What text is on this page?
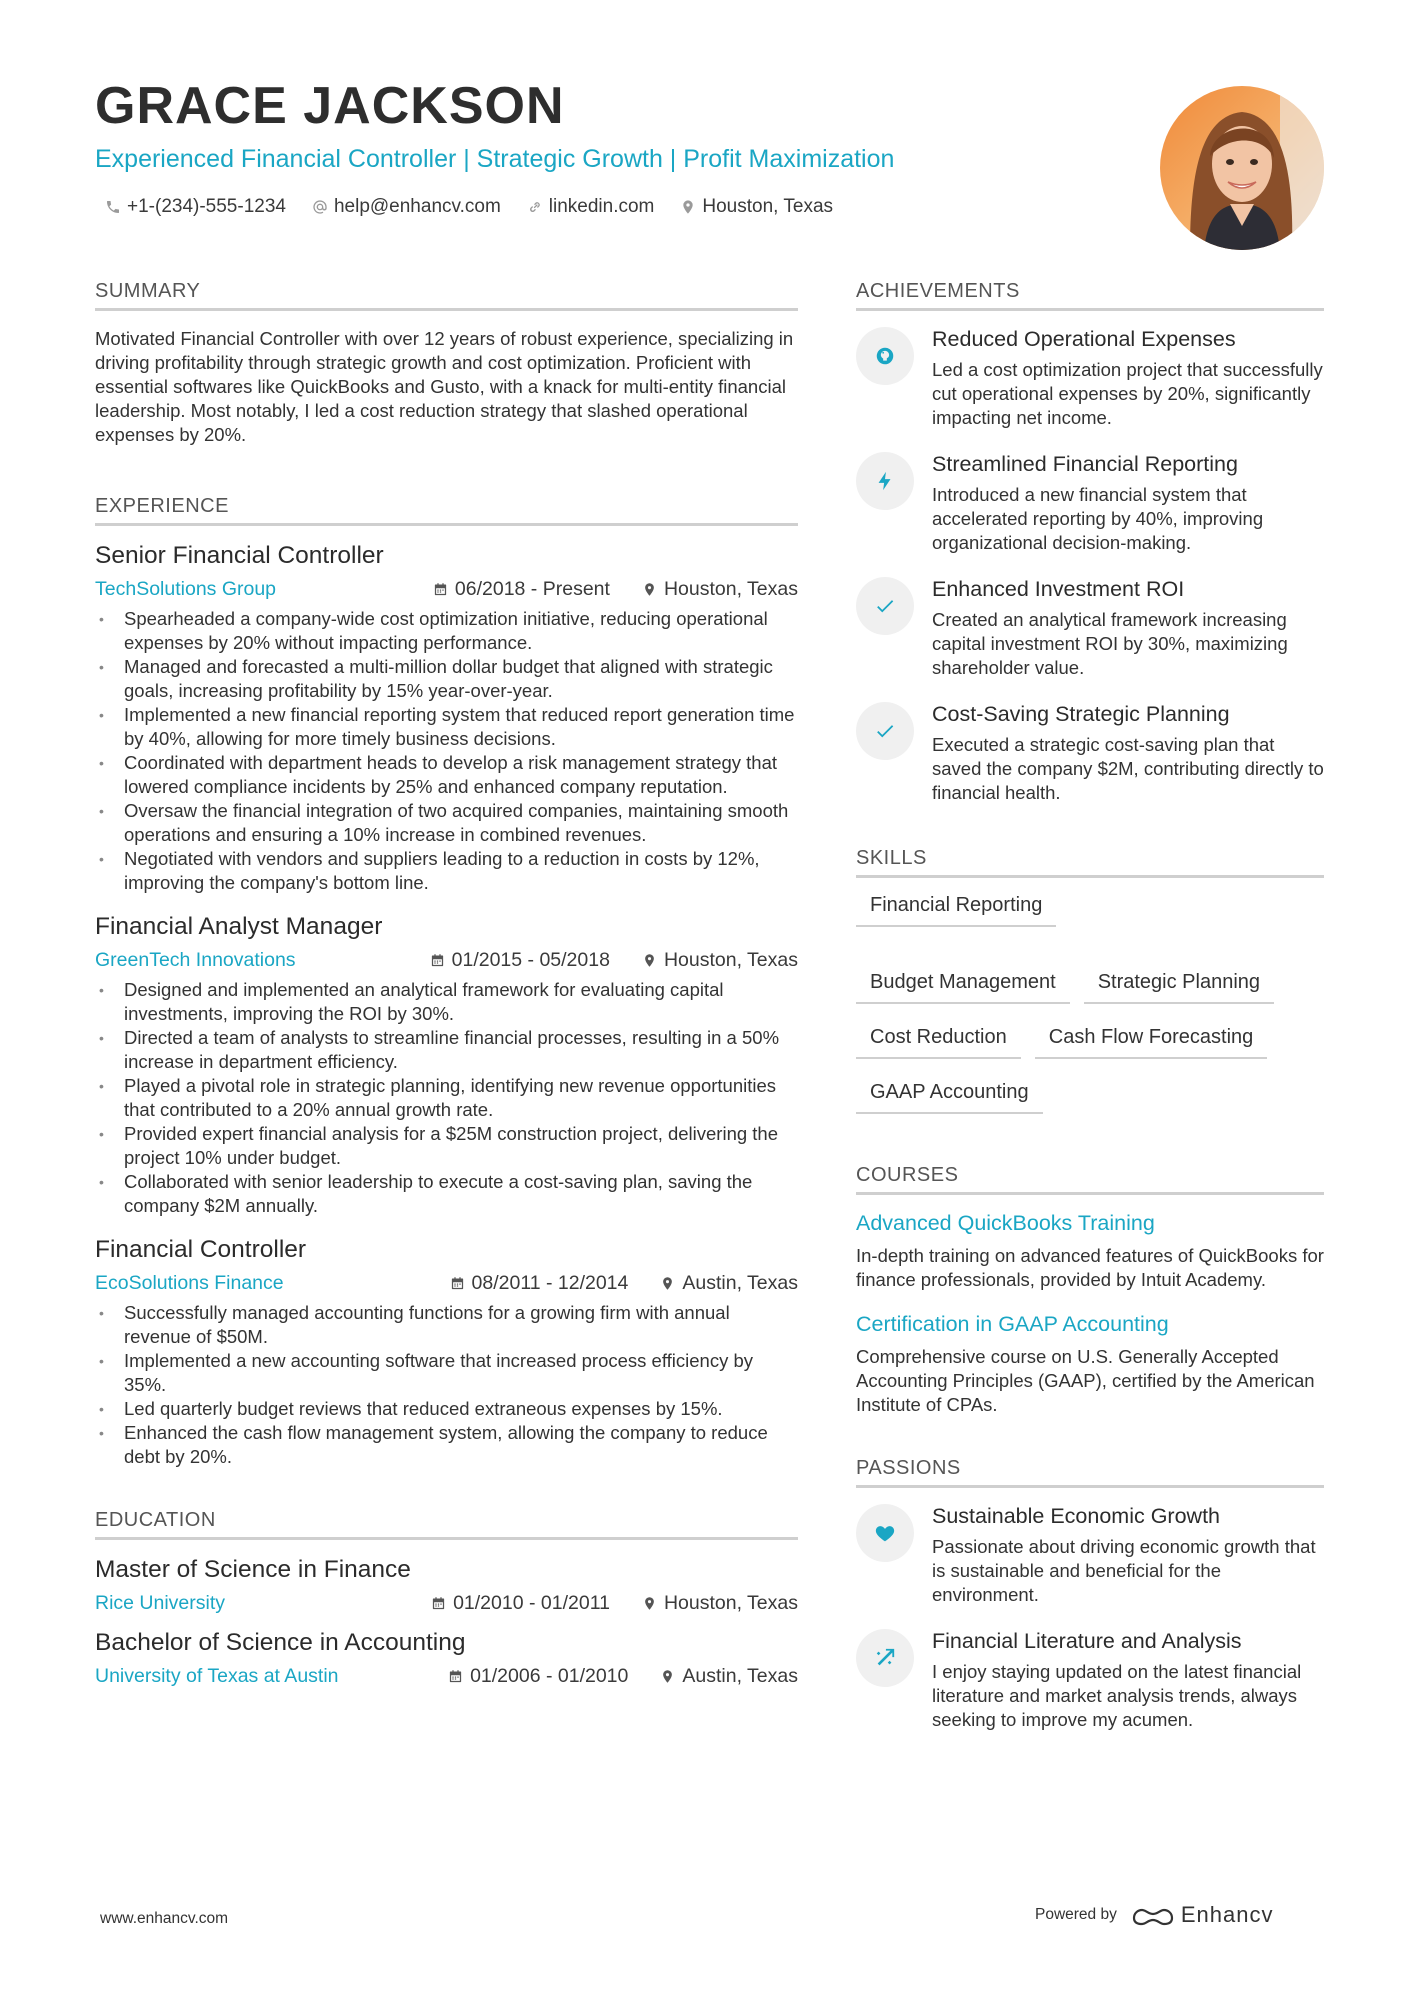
GRACE JACKSON
Experienced Financial Controller | Strategic Growth | Profit Maximization
+1-(234)-555-1234	help@enhancv.com	linkedin.com	Houston, Texas
SUMMARY
Motivated Financial Controller with over 12 years of robust experience, specializing in driving profitability through strategic growth and cost optimization. Proficient with essential softwares like QuickBooks and Gusto, with a knack for multi-entity financial leadership. Most notably, I led a cost reduction strategy that slashed operational expenses by 20%.
EXPERIENCE
Senior Financial Controller
TechSolutions Group	06/2018 - Present	Houston, Texas
• Spearheaded a company-wide cost optimization initiative, reducing operational expenses by 20% without impacting performance.
• Managed and forecasted a multi-million dollar budget that aligned with strategic goals, increasing profitability by 15% year-over-year.
• Implemented a new financial reporting system that reduced report generation time by 40%, allowing for more timely business decisions.
• Coordinated with department heads to develop a risk management strategy that lowered compliance incidents by 25% and enhanced company reputation.
• Oversaw the financial integration of two acquired companies, maintaining smooth operations and ensuring a 10% increase in combined revenues.
• Negotiated with vendors and suppliers leading to a reduction in costs by 12%, improving the company's bottom line.
Financial Analyst Manager
GreenTech Innovations	01/2015 - 05/2018	Houston, Texas
• Designed and implemented an analytical framework for evaluating capital investments, improving the ROI by 30%.
• Directed a team of analysts to streamline financial processes, resulting in a 50% increase in department efficiency.
• Played a pivotal role in strategic planning, identifying new revenue opportunities that contributed to a 20% annual growth rate.
• Provided expert financial analysis for a $25M construction project, delivering the project 10% under budget.
• Collaborated with senior leadership to execute a cost-saving plan, saving the company $2M annually.
Financial Controller
EcoSolutions Finance	08/2011 - 12/2014	Austin, Texas
• Successfully managed accounting functions for a growing firm with annual revenue of $50M.
• Implemented a new accounting software that increased process efficiency by 35%.
• Led quarterly budget reviews that reduced extraneous expenses by 15%.
• Enhanced the cash flow management system, allowing the company to reduce debt by 20%.
EDUCATION
Master of Science in Finance
Rice University	01/2010 - 01/2011	Houston, Texas
Bachelor of Science in Accounting
University of Texas at Austin	01/2006 - 01/2010	Austin, Texas
ACHIEVEMENTS
Reduced Operational Expenses
Led a cost optimization project that successfully cut operational expenses by 20%, significantly impacting net income.
Streamlined Financial Reporting
Introduced a new financial system that accelerated reporting by 40%, improving organizational decision-making.
Enhanced Investment ROI
Created an analytical framework increasing capital investment ROI by 30%, maximizing shareholder value.
Cost-Saving Strategic Planning
Executed a strategic cost-saving plan that saved the company $2M, contributing directly to financial health.
SKILLS
Financial Reporting
Budget Management	Strategic Planning
Cost Reduction	Cash Flow Forecasting
GAAP Accounting
COURSES
Advanced QuickBooks Training
In-depth training on advanced features of QuickBooks for finance professionals, provided by Intuit Academy.
Certification in GAAP Accounting
Comprehensive course on U.S. Generally Accepted Accounting Principles (GAAP), certified by the American Institute of CPAs.
PASSIONS
Sustainable Economic Growth
Passionate about driving economic growth that is sustainable and beneficial for the environment.
Financial Literature and Analysis
I enjoy staying updated on the latest financial literature and market analysis trends, always seeking to improve my acumen.
www.enhancv.com	Powered by	Enhancv
